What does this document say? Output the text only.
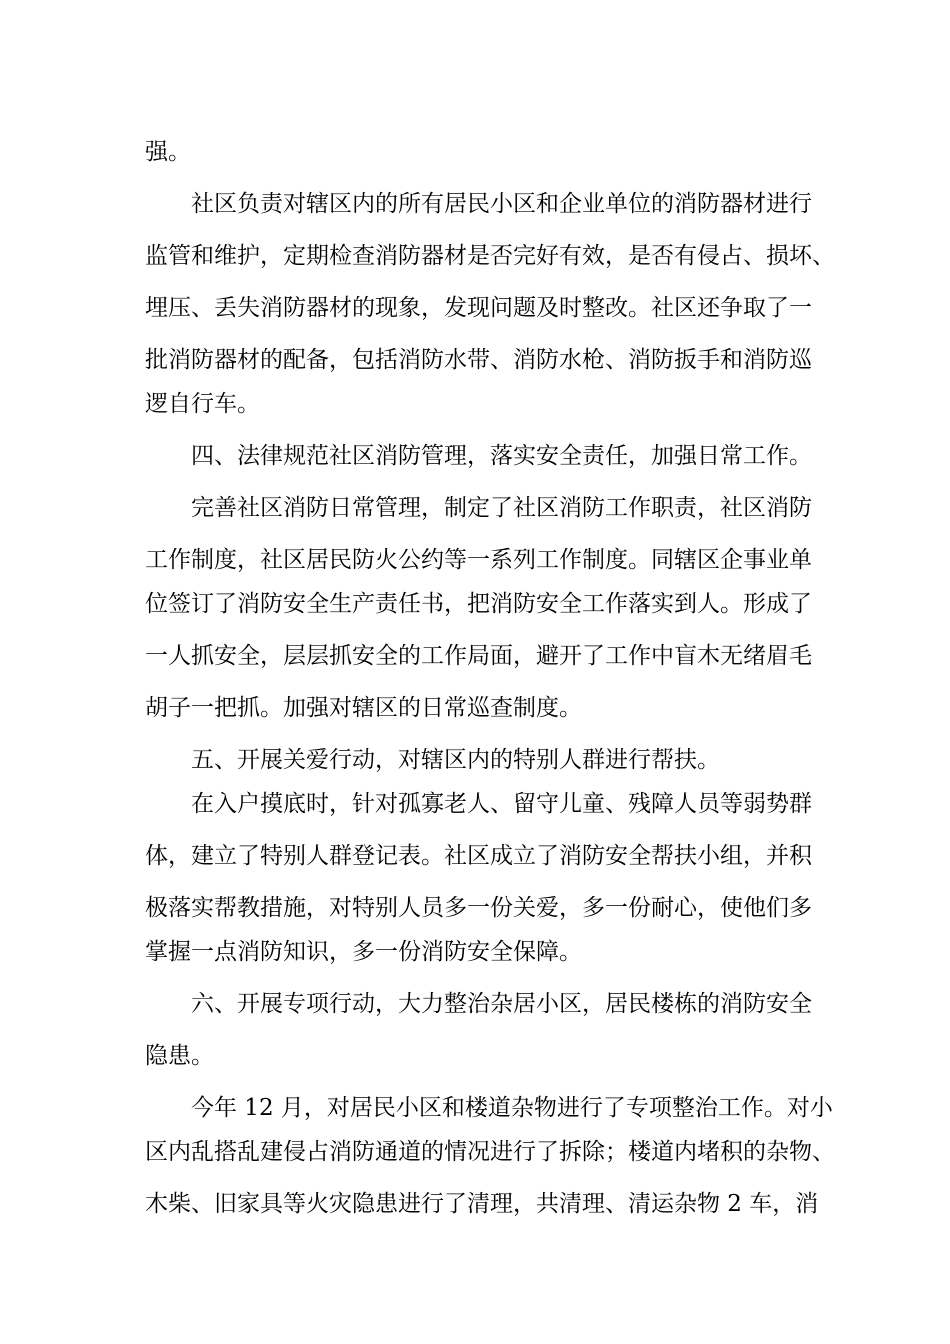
强。
　　社区负责对辖区内的所有居民小区和企业单位的消防器材进行
监管和维护，定期检查消防器材是否完好有效，是否有侵占、损坏、
埋压、丢失消防器材的现象，发现问题及时整改。社区还争取了一
批消防器材的配备，包括消防水带、消防水枪、消防扳手和消防巡
逻自行车。
　　四、法律规范社区消防管理，落实安全责任，加强日常工作。
　　完善社区消防日常管理，制定了社区消防工作职责，社区消防
工作制度，社区居民防火公约等一系列工作制度。同辖区企事业单
位签订了消防安全生产责任书，把消防安全工作落实到人。形成了
一人抓安全，层层抓安全的工作局面，避开了工作中盲木无绪眉毛
胡子一把抓。加强对辖区的日常巡查制度。
　　五、开展关爱行动，对辖区内的特别人群进行帮扶。
　　在入户摸底时，针对孤寡老人、留守儿童、残障人员等弱势群
体，建立了特别人群登记表。社区成立了消防安全帮扶小组，并积
极落实帮教措施，对特别人员多一份关爱，多一份耐心，使他们多
掌握一点消防知识，多一份消防安全保障。
　　六、开展专项行动，大力整治杂居小区，居民楼栋的消防安全
隐患。
　　今年 12 月，对居民小区和楼道杂物进行了专项整治工作。对小
区内乱搭乱建侵占消防通道的情况进行了拆除；楼道内堵积的杂物、
木柴、旧家具等火灾隐患进行了清理，共清理、清运杂物 2 车，消
